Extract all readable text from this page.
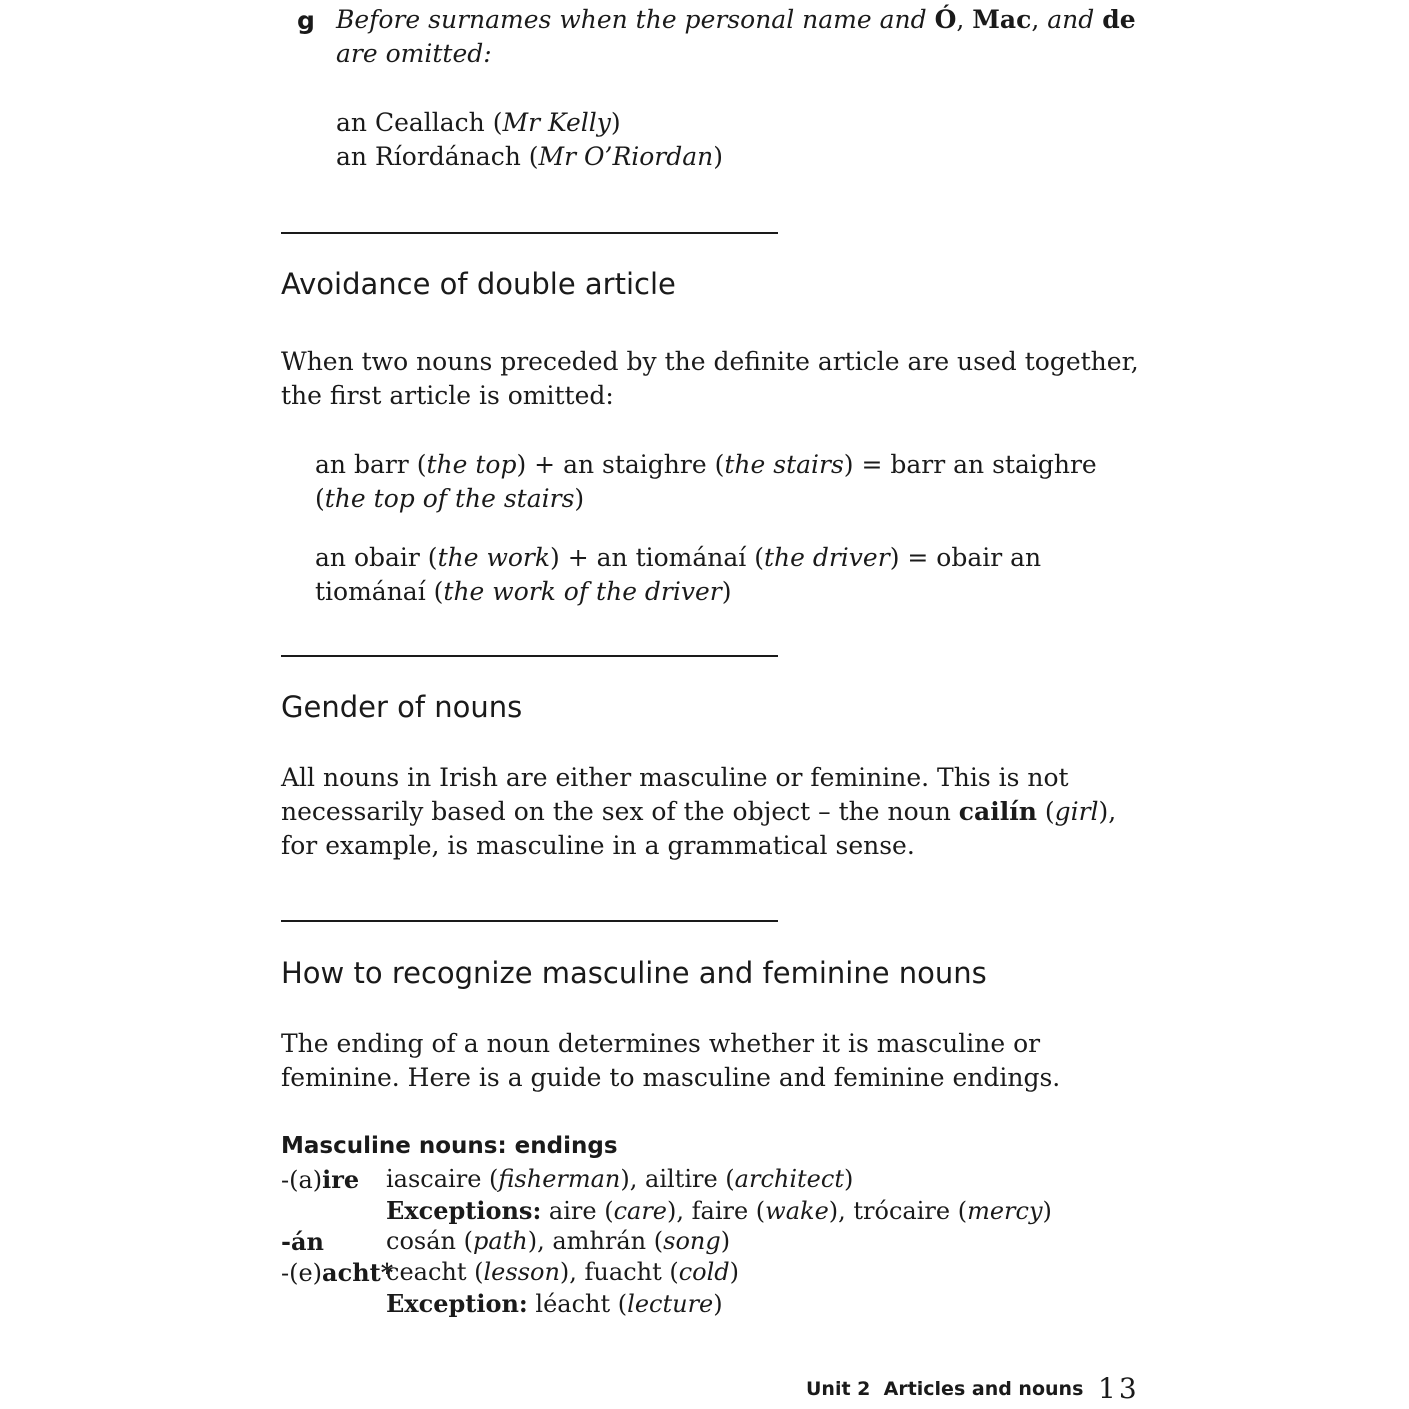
g Before surnames when the personal name and Ó, Mac, and de
are omitted:
an Ceallach (Mr Kelly)
an Ríordánach (Mr O’Riordan)
Avoidance of double article
When two nouns preceded by the definite article are used together,
the first article is omitted:
an barr (the top) + an staighre (the stairs) = barr an staighre
(the top of the stairs)
an obair (the work) + an tiománaí (the driver) = obair an
tiománaí (the work of the driver)
Gender of nouns
All nouns in Irish are either masculine or feminine. This is not
necessarily based on the sex of the object – the noun cailín (girl),
for example, is masculine in a grammatical sense.
How to recognize masculine and feminine nouns
The ending of a noun determines whether it is masculine or
feminine. Here is a guide to masculine and feminine endings.
Masculine nouns: endings
-(a)ire iascaire (fisherman), ailtire (architect)
Exceptions: aire (care), faire (wake), trócaire (mercy)
-án	cosán (path), amhrán (song)
-(e)acht*
ceacht (lesson), fuacht (cold)
Exception: léacht (lecture)
Unit 2  Articles and nouns 13
